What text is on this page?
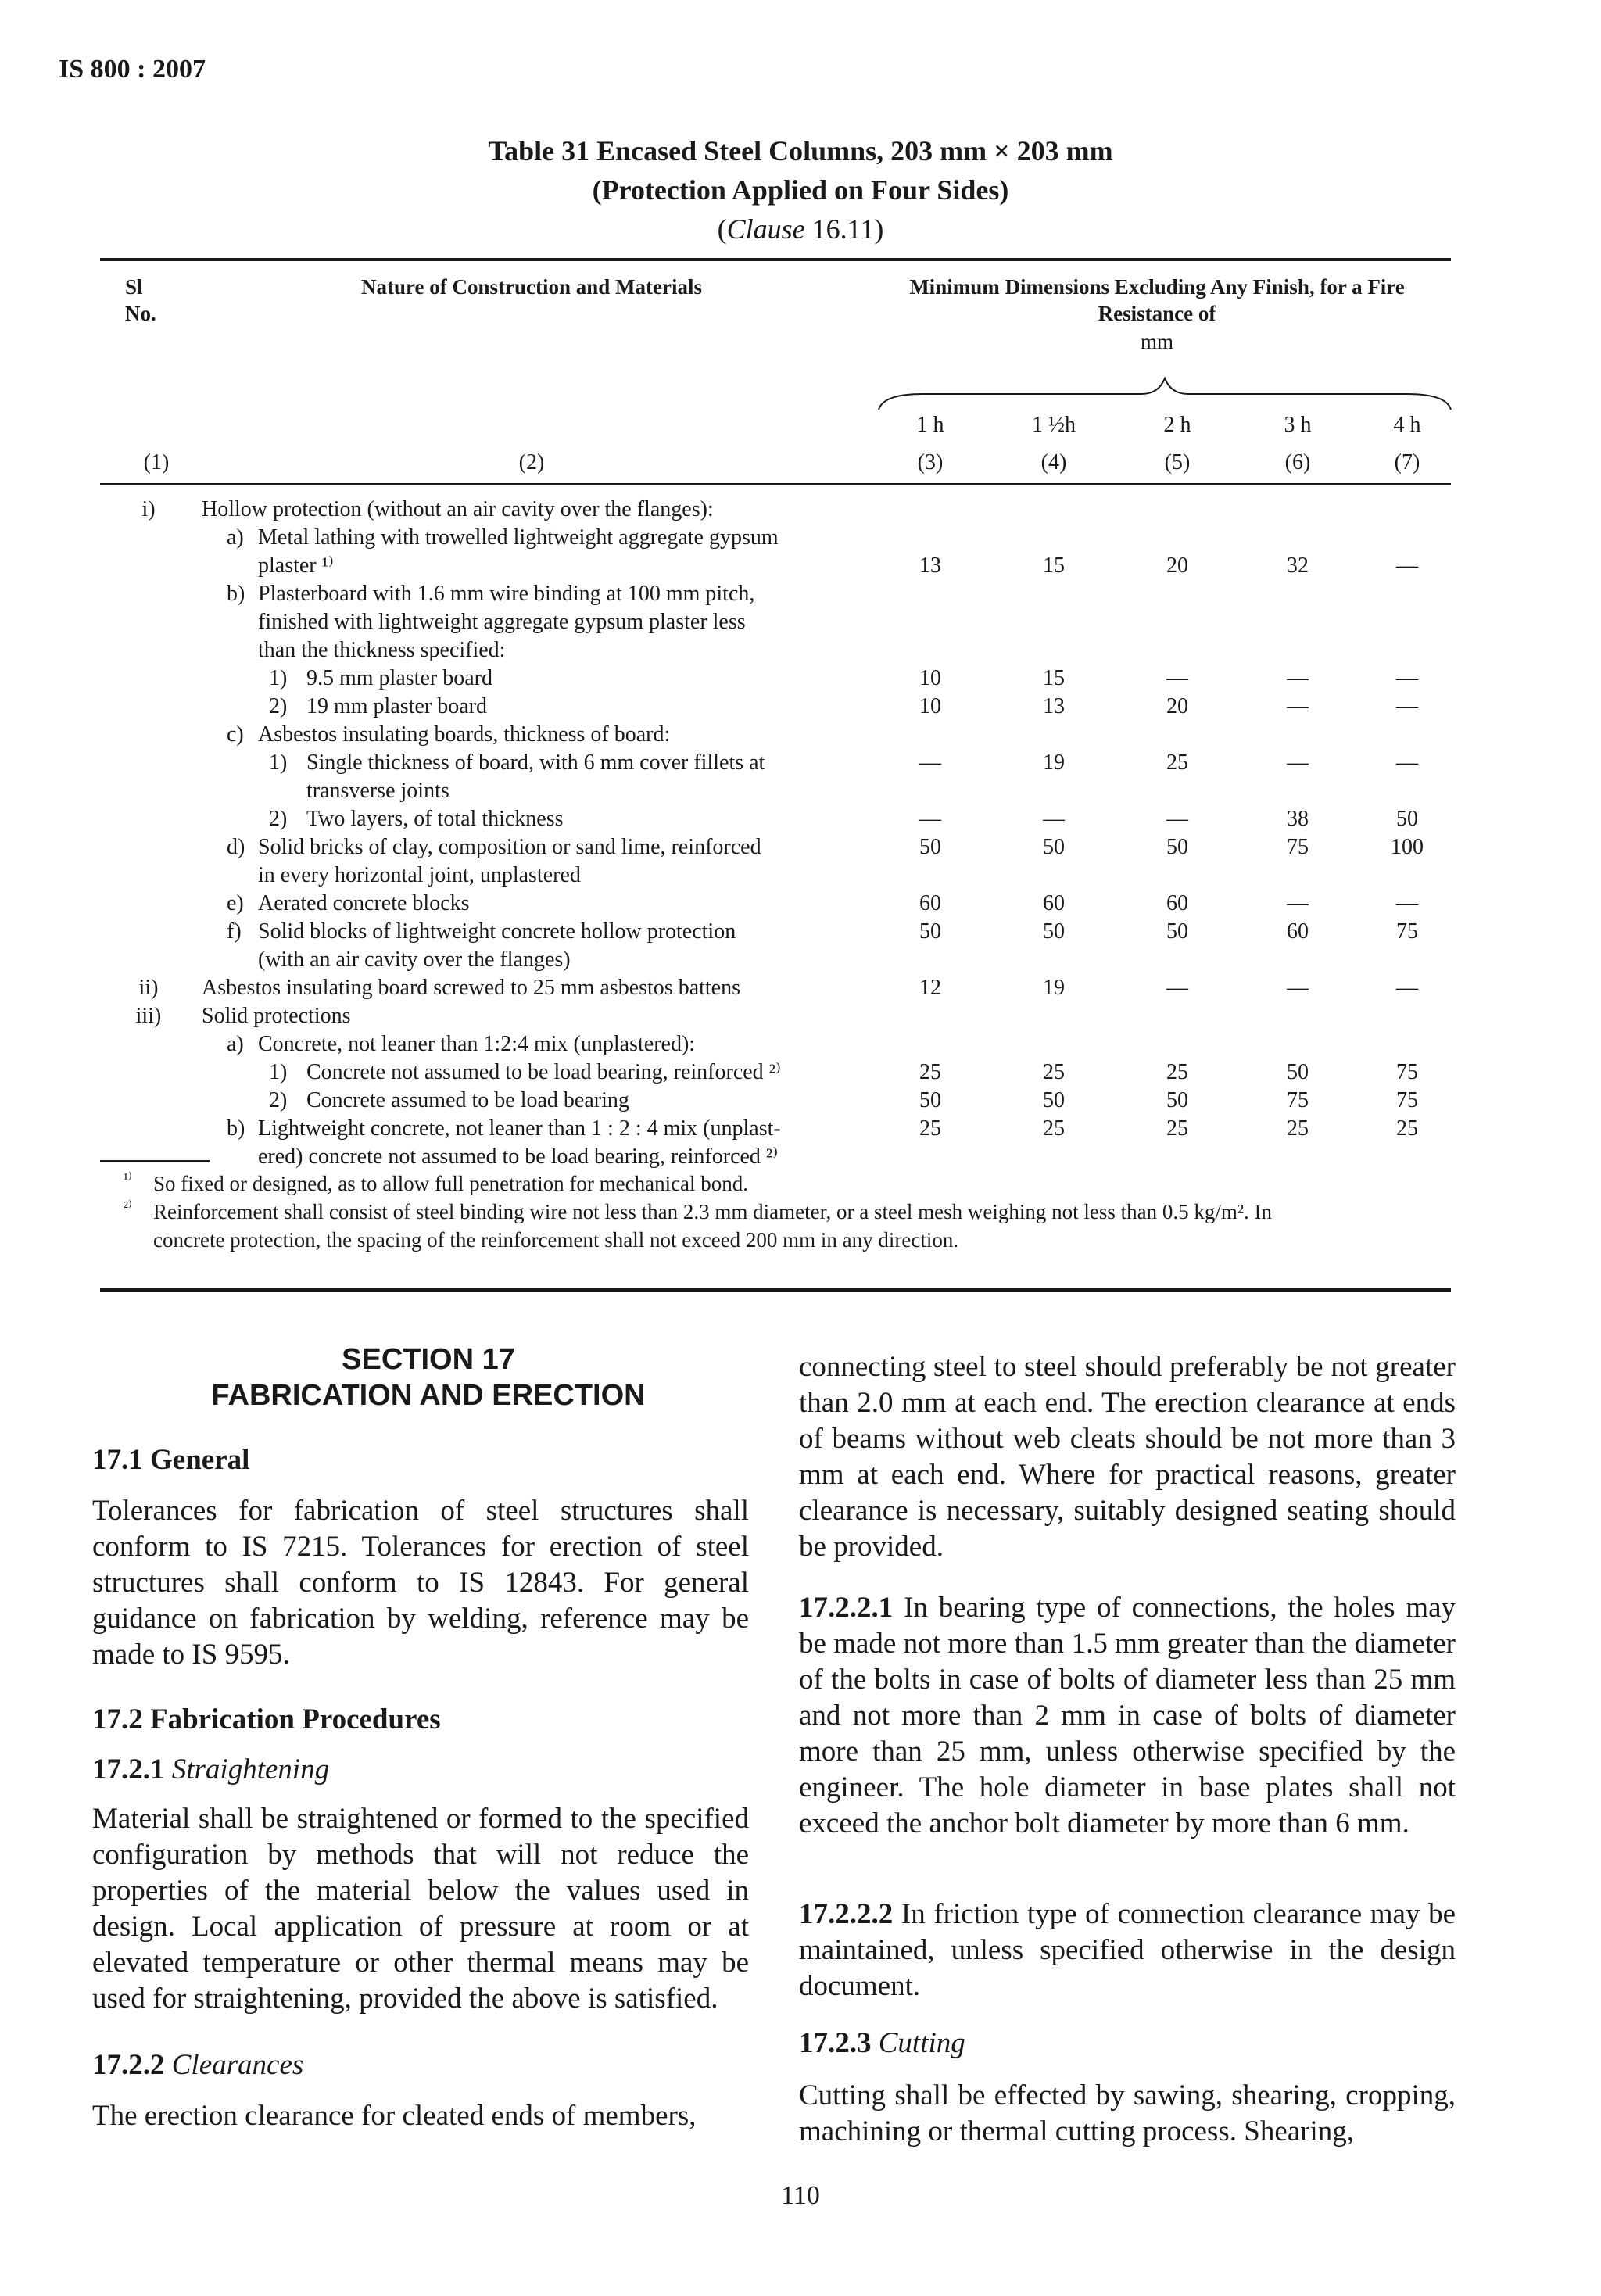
IS 800 : 2007
Table 31 Encased Steel Columns, 203 mm × 203 mm
(Protection Applied on Four Sides)
(Clause 16.11)
Sl
No.
Nature of Construction and Materials	Minimum Dimensions Excluding Any Finish, for a Fire Resistance of
mm
1 h	1 ½h	2 h	3 h	4 h
(1)	(2)	(3)	(4)	(5)	(6)	(7)
i)	Hollow protection (without an air cavity over the flanges):
a) Metal lathing with trowelled lightweight aggregate gypsum
plaster ¹⁾	13	15	20	32	—
b) Plasterboard with 1.6 mm wire binding at 100 mm pitch,
finished with lightweight aggregate gypsum plaster less
than the thickness specified:
1) 9.5 mm plaster board	10	15	—	—	—
2) 19 mm plaster board	10	13	20	—	—
c) Asbestos insulating boards, thickness of board:
1) Single thickness of board, with 6 mm cover fillets at	—	19	25	—	—
transverse joints
2) Two layers, of total thickness	—	—	—	38	50
d) Solid bricks of clay, composition or sand lime, reinforced	50	50	50	75	100
in every horizontal joint, unplastered
e) Aerated concrete blocks	60	60	60	—	—
f) Solid blocks of lightweight concrete hollow protection	50	50	50	60	75
(with an air cavity over the flanges)
ii)	Asbestos insulating board screwed to 25 mm asbestos battens	12	19	—	—	—
iii)	Solid protections
a) Concrete, not leaner than 1:2:4 mix (unplastered):
1) Concrete not assumed to be load bearing, reinforced ²⁾	25	25	25	50	75
2) Concrete assumed to be load bearing	50	50	50	75	75
b) Lightweight concrete, not leaner than 1 : 2 : 4 mix (unplast-	25	25	25	25	25
ered) concrete not assumed to be load bearing, reinforced ²⁾
¹⁾ So fixed or designed, as to allow full penetration for mechanical bond.
²⁾ Reinforcement shall consist of steel binding wire not less than 2.3 mm diameter, or a steel mesh weighing not less than 0.5 kg/m². In
concrete protection, the spacing of the reinforcement shall not exceed 200 mm in any direction.
SECTION 17
FABRICATION AND ERECTION
17.1 General
Tolerances for fabrication of steel structures shall conform to IS 7215. Tolerances for erection of steel structures shall conform to IS 12843. For general guidance on fabrication by welding, reference may be made to IS 9595.
17.2 Fabrication Procedures
17.2.1 Straightening
Material shall be straightened or formed to the specified configuration by methods that will not reduce the properties of the material below the values used in design. Local application of pressure at room or at elevated temperature or other thermal means may be used for straightening, provided the above is satisfied.
17.2.2 Clearances
The erection clearance for cleated ends of members,
connecting steel to steel should preferably be not greater than 2.0 mm at each end. The erection clearance at ends of beams without web cleats should be not more than 3 mm at each end. Where for practical reasons, greater clearance is necessary, suitably designed seating should be provided.
17.2.2.1 In bearing type of connections, the holes may be made not more than 1.5 mm greater than the diameter of the bolts in case of bolts of diameter less than 25 mm and not more than 2 mm in case of bolts of diameter more than 25 mm, unless otherwise specified by the engineer. The hole diameter in base plates shall not exceed the anchor bolt diameter by more than 6 mm.
17.2.2.2 In friction type of connection clearance may be maintained, unless specified otherwise in the design document.
17.2.3 Cutting
Cutting shall be effected by sawing, shearing, cropping, machining or thermal cutting process. Shearing,
110
